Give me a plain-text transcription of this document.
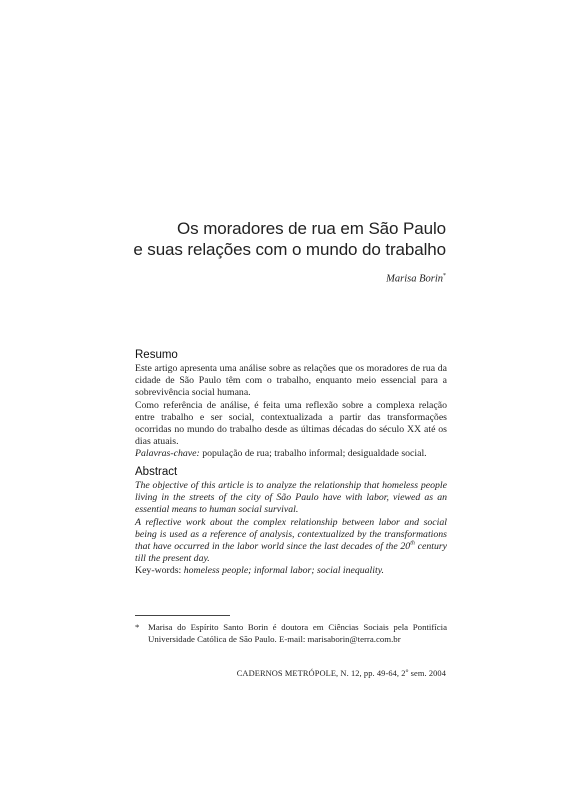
Os moradores de rua em São Paulo
e suas relações com o mundo do trabalho
Marisa Borin*
Resumo

Este artigo apresenta uma análise sobre as relações que os moradores de rua da cidade de São Paulo têm com o trabalho, enquanto meio essencial para a sobrevivência social humana.

Como referência de análise, é feita uma reflexão sobre a complexa relação entre trabalho e ser social, contextualizada a partir das transformações ocorridas no mundo do trabalho desde as últimas décadas do século XX até os dias atuais.

Palavras-chave: população de rua; trabalho informal; desigualdade social.

Abstract

The objective of this article is to analyze the relationship that homeless people living in the streets of the city of São Paulo have with labor, viewed as an essential means to human social survival.

A reflective work about the complex relationship between labor and social being is used as a reference of analysis, contextualized by the transformations that have occurred in the labor world since the last decades of the 20th century till the present day.

Key-words: homeless people; informal labor; social inequality.

* Marisa do Espírito Santo Borin é doutora em Ciências Sociais pela Pontifícia Universidade Católica de São Paulo. E-mail: marisaborin@terra.com.br
CADERNOS METRÓPOLE, N. 12, pp. 49-64, 2$^o$ sem. 2004
